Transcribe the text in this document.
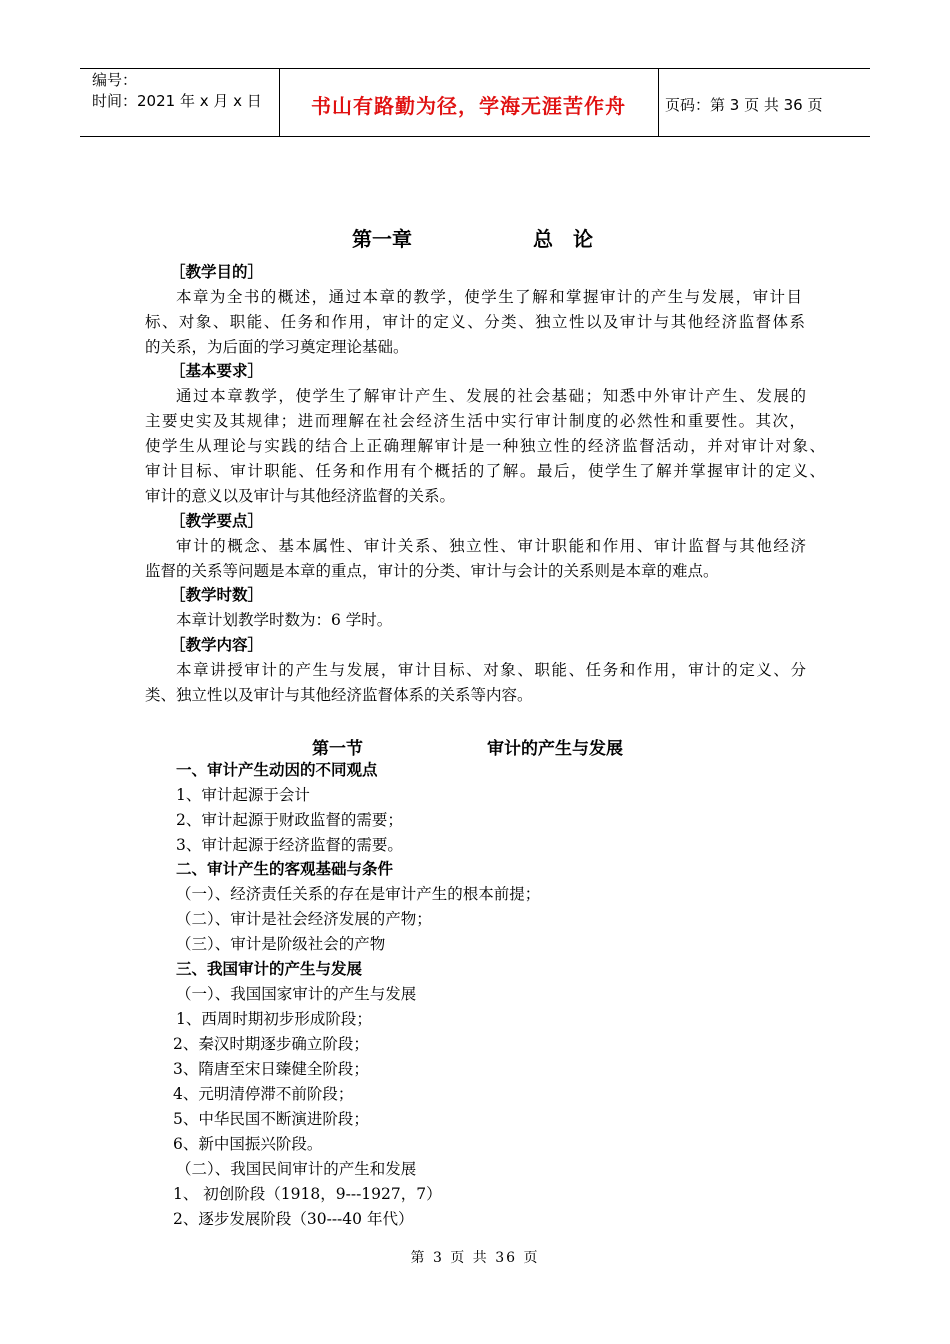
编号：
时间：2021 年 x 月 x 日	书山有路勤为径，学海无涯苦作舟	页码：第 3 页 共 36 页
第一章	总　论
［教学目的］
本章为全书的概述，通过本章的教学，使学生了解和掌握审计的产生与发展，审计目
标、对象、职能、任务和作用，审计的定义、分类、独立性以及审计与其他经济监督体系
的关系，为后面的学习奠定理论基础。
［基本要求］
通过本章教学，使学生了解审计产生、发展的社会基础；知悉中外审计产生、发展的
主要史实及其规律；进而理解在社会经济生活中实行审计制度的必然性和重要性。其次，
使学生从理论与实践的结合上正确理解审计是一种独立性的经济监督活动，并对审计对象、
审计目标、审计职能、任务和作用有个概括的了解。最后，使学生了解并掌握审计的定义、
审计的意义以及审计与其他经济监督的关系。
［教学要点］
审计的概念、基本属性、审计关系、独立性、审计职能和作用、审计监督与其他经济
监督的关系等问题是本章的重点，审计的分类、审计与会计的关系则是本章的难点。
［教学时数］
本章计划教学时数为：6 学时。
［教学内容］
本章讲授审计的产生与发展，审计目标、对象、职能、任务和作用，审计的定义、分
类、独立性以及审计与其他经济监督体系的关系等内容。
第一节	审计的产生与发展
一、审计产生动因的不同观点
1、审计起源于会计
2、审计起源于财政监督的需要；
3、审计起源于经济监督的需要。
二、审计产生的客观基础与条件
（一）、经济责任关系的存在是审计产生的根本前提；
（二）、审计是社会经济发展的产物；
（三）、审计是阶级社会的产物
三、我国审计的产生与发展
（一）、我国国家审计的产生与发展
1、西周时期初步形成阶段；
2、秦汉时期逐步确立阶段；
3、隋唐至宋日臻健全阶段；
4、元明清停滞不前阶段；
5、中华民国不断演进阶段；
6、新中国振兴阶段。
（二）、我国民间审计的产生和发展
1、 初创阶段（1918，9---1927，7）
2、逐步发展阶段（30---40 年代）
第 3 页 共 36 页
